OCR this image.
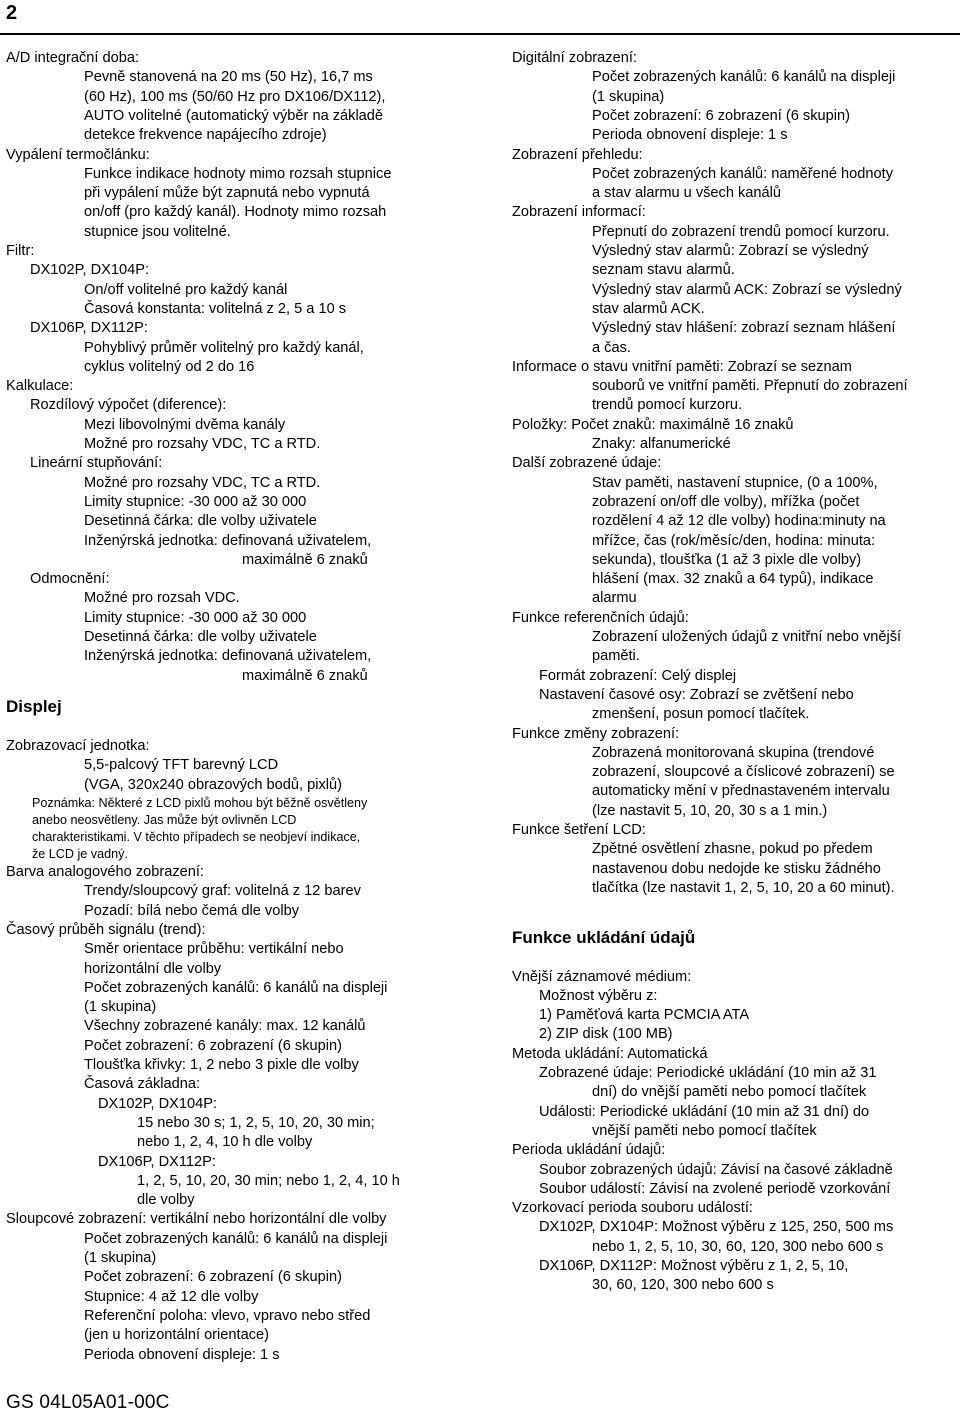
2
A/D integrační doba:
Pevně stanovená na 20 ms (50 Hz), 16,7 ms
(60 Hz), 100 ms (50/60 Hz pro DX106/DX112),
AUTO volitelné (automatický výběr na základě
detekce frekvence napájecího zdroje)
Vypálení termočlánku:
Funkce indikace hodnoty mimo rozsah stupnice
při vypálení může být zapnutá nebo vypnutá
on/off (pro každý kanál). Hodnoty mimo rozsah
stupnice jsou volitelné.
Filtr:
DX102P, DX104P:
On/off volitelné pro každý kanál
Časová konstanta: volitelná z 2, 5 a 10 s
DX106P, DX112P:
Pohyblivý průměr volitelný pro každý kanál,
cyklus volitelný od 2 do 16
Kalkulace:
Rozdílový výpočet (diference):
Mezi libovolnými dvěma kanály
Možné pro rozsahy VDC, TC a RTD.
Lineární stupňování:
Možné pro rozsahy VDC, TC a RTD.
Limity stupnice: -30 000 až 30 000
Desetinná čárka: dle volby uživatele
Inženýrská jednotka: definovaná uživatelem,
maximálně 6 znaků
Odmocnění:
Možné pro rozsah VDC.
Limity stupnice: -30 000 až 30 000
Desetinná čárka: dle volby uživatele
Inženýrská jednotka: definovaná uživatelem,
maximálně 6 znaků
Displej
Zobrazovací jednotka:
5,5-palcový TFT barevný LCD
(VGA, 320x240 obrazových bodů, pixlů)
Poznámka: Některé z LCD pixlů mohou být běžně osvětleny
anebo neosvětleny. Jas může být ovlivněn LCD
charakteristikami. V těchto případech se neobjeví indikace,
že LCD je vadný.
Barva analogového zobrazení:
Trendy/sloupcový graf: volitelná z 12 barev
Pozadí: bílá nebo čemá dle volby
Časový průběh signálu (trend):
Směr orientace průběhu: vertikální nebo
horizontální dle volby
Počet zobrazených kanálů: 6 kanálů na displeji
(1 skupina)
Všechny zobrazené kanály: max. 12 kanálů
Počet zobrazení: 6 zobrazení (6 skupin)
Tloušťka křivky: 1, 2 nebo 3 pixle dle volby
Časová základna:
DX102P, DX104P:
15 nebo 30 s; 1, 2, 5, 10, 20, 30 min;
nebo 1, 2, 4, 10 h dle volby
DX106P, DX112P:
1, 2, 5, 10, 20, 30 min; nebo 1, 2, 4, 10 h
dle volby
Sloupcové zobrazení: vertikální nebo horizontální dle volby
Počet zobrazených kanálů: 6 kanálů na displeji
(1 skupina)
Počet zobrazení: 6 zobrazení (6 skupin)
Stupnice: 4 až 12 dle volby
Referenční poloha: vlevo, vpravo nebo střed
(jen u horizontální orientace)
Perioda obnovení displeje: 1 s
Digitální zobrazení:
Počet zobrazených kanálů: 6 kanálů na displeji
(1 skupina)
Počet zobrazení: 6 zobrazení (6 skupin)
Perioda obnovení displeje: 1 s
Zobrazení přehledu:
Počet zobrazených kanálů: naměřené hodnoty
a stav alarmu u všech kanálů
Zobrazení informací:
Přepnutí do zobrazení trendů pomocí kurzoru.
Výsledný stav alarmů: Zobrazí se výsledný
seznam stavu alarmů.
Výsledný stav alarmů ACK: Zobrazí se výsledný
stav alarmů ACK.
Výsledný stav hlášení: zobrazí seznam hlášení
a čas.
Informace o stavu vnitřní paměti: Zobrazí se seznam
souborů ve vnitřní paměti. Přepnutí do zobrazení
trendů pomocí kurzoru.
Položky: Počet znaků: maximálně 16 znaků
Znaky: alfanumerické
Další zobrazené údaje:
Stav paměti, nastavení stupnice, (0 a 100%,
zobrazení on/off dle volby), mřížka (počet
rozdělení 4 až 12 dle volby) hodina:minuty na
mřížce, čas (rok/měsíc/den, hodina: minuta:
sekunda), tloušťka (1 až 3 pixle dle volby)
hlášení (max. 32 znaků a 64 typů), indikace
alarmu
Funkce referenčních údajů:
Zobrazení uložených údajů z vnitřní nebo vnější
paměti.
Formát zobrazení: Celý displej
Nastavení časové osy: Zobrazí se zvětšení nebo
zmenšení, posun pomocí tlačítek.
Funkce změny zobrazení:
Zobrazená monitorovaná skupina (trendové
zobrazení, sloupcové a číslicové zobrazení) se
automaticky mění v přednastaveném intervalu
(lze nastavit 5, 10, 20, 30 s a 1 min.)
Funkce šetření LCD:
Zpětné osvětlení zhasne, pokud po předem
nastavenou dobu nedojde ke stisku žádného
tlačítka (lze nastavit 1, 2, 5, 10, 20 a 60 minut).
Funkce ukládání údajů
Vnější záznamové médium:
Možnost výběru z:
1) Paměťová karta PCMCIA ATA
2) ZIP disk (100 MB)
Metoda ukládání: Automatická
Zobrazené údaje: Periodické ukládání (10 min až 31
dní) do vnější paměti nebo pomocí tlačítek
Události: Periodické ukládání (10 min až 31 dní) do
vnější paměti nebo pomocí tlačítek
Perioda ukládání údajů:
Soubor zobrazených údajů: Závisí na časové základně
Soubor událostí: Závisí na zvolené periodě vzorkování
Vzorkovací perioda souboru událostí:
DX102P, DX104P: Možnost výběru z 125, 250, 500 ms
nebo 1, 2, 5, 10, 30, 60, 120, 300 nebo 600 s
DX106P, DX112P: Možnost výběru z 1, 2, 5, 10,
30, 60, 120, 300 nebo 600 s
GS 04L05A01-00C
